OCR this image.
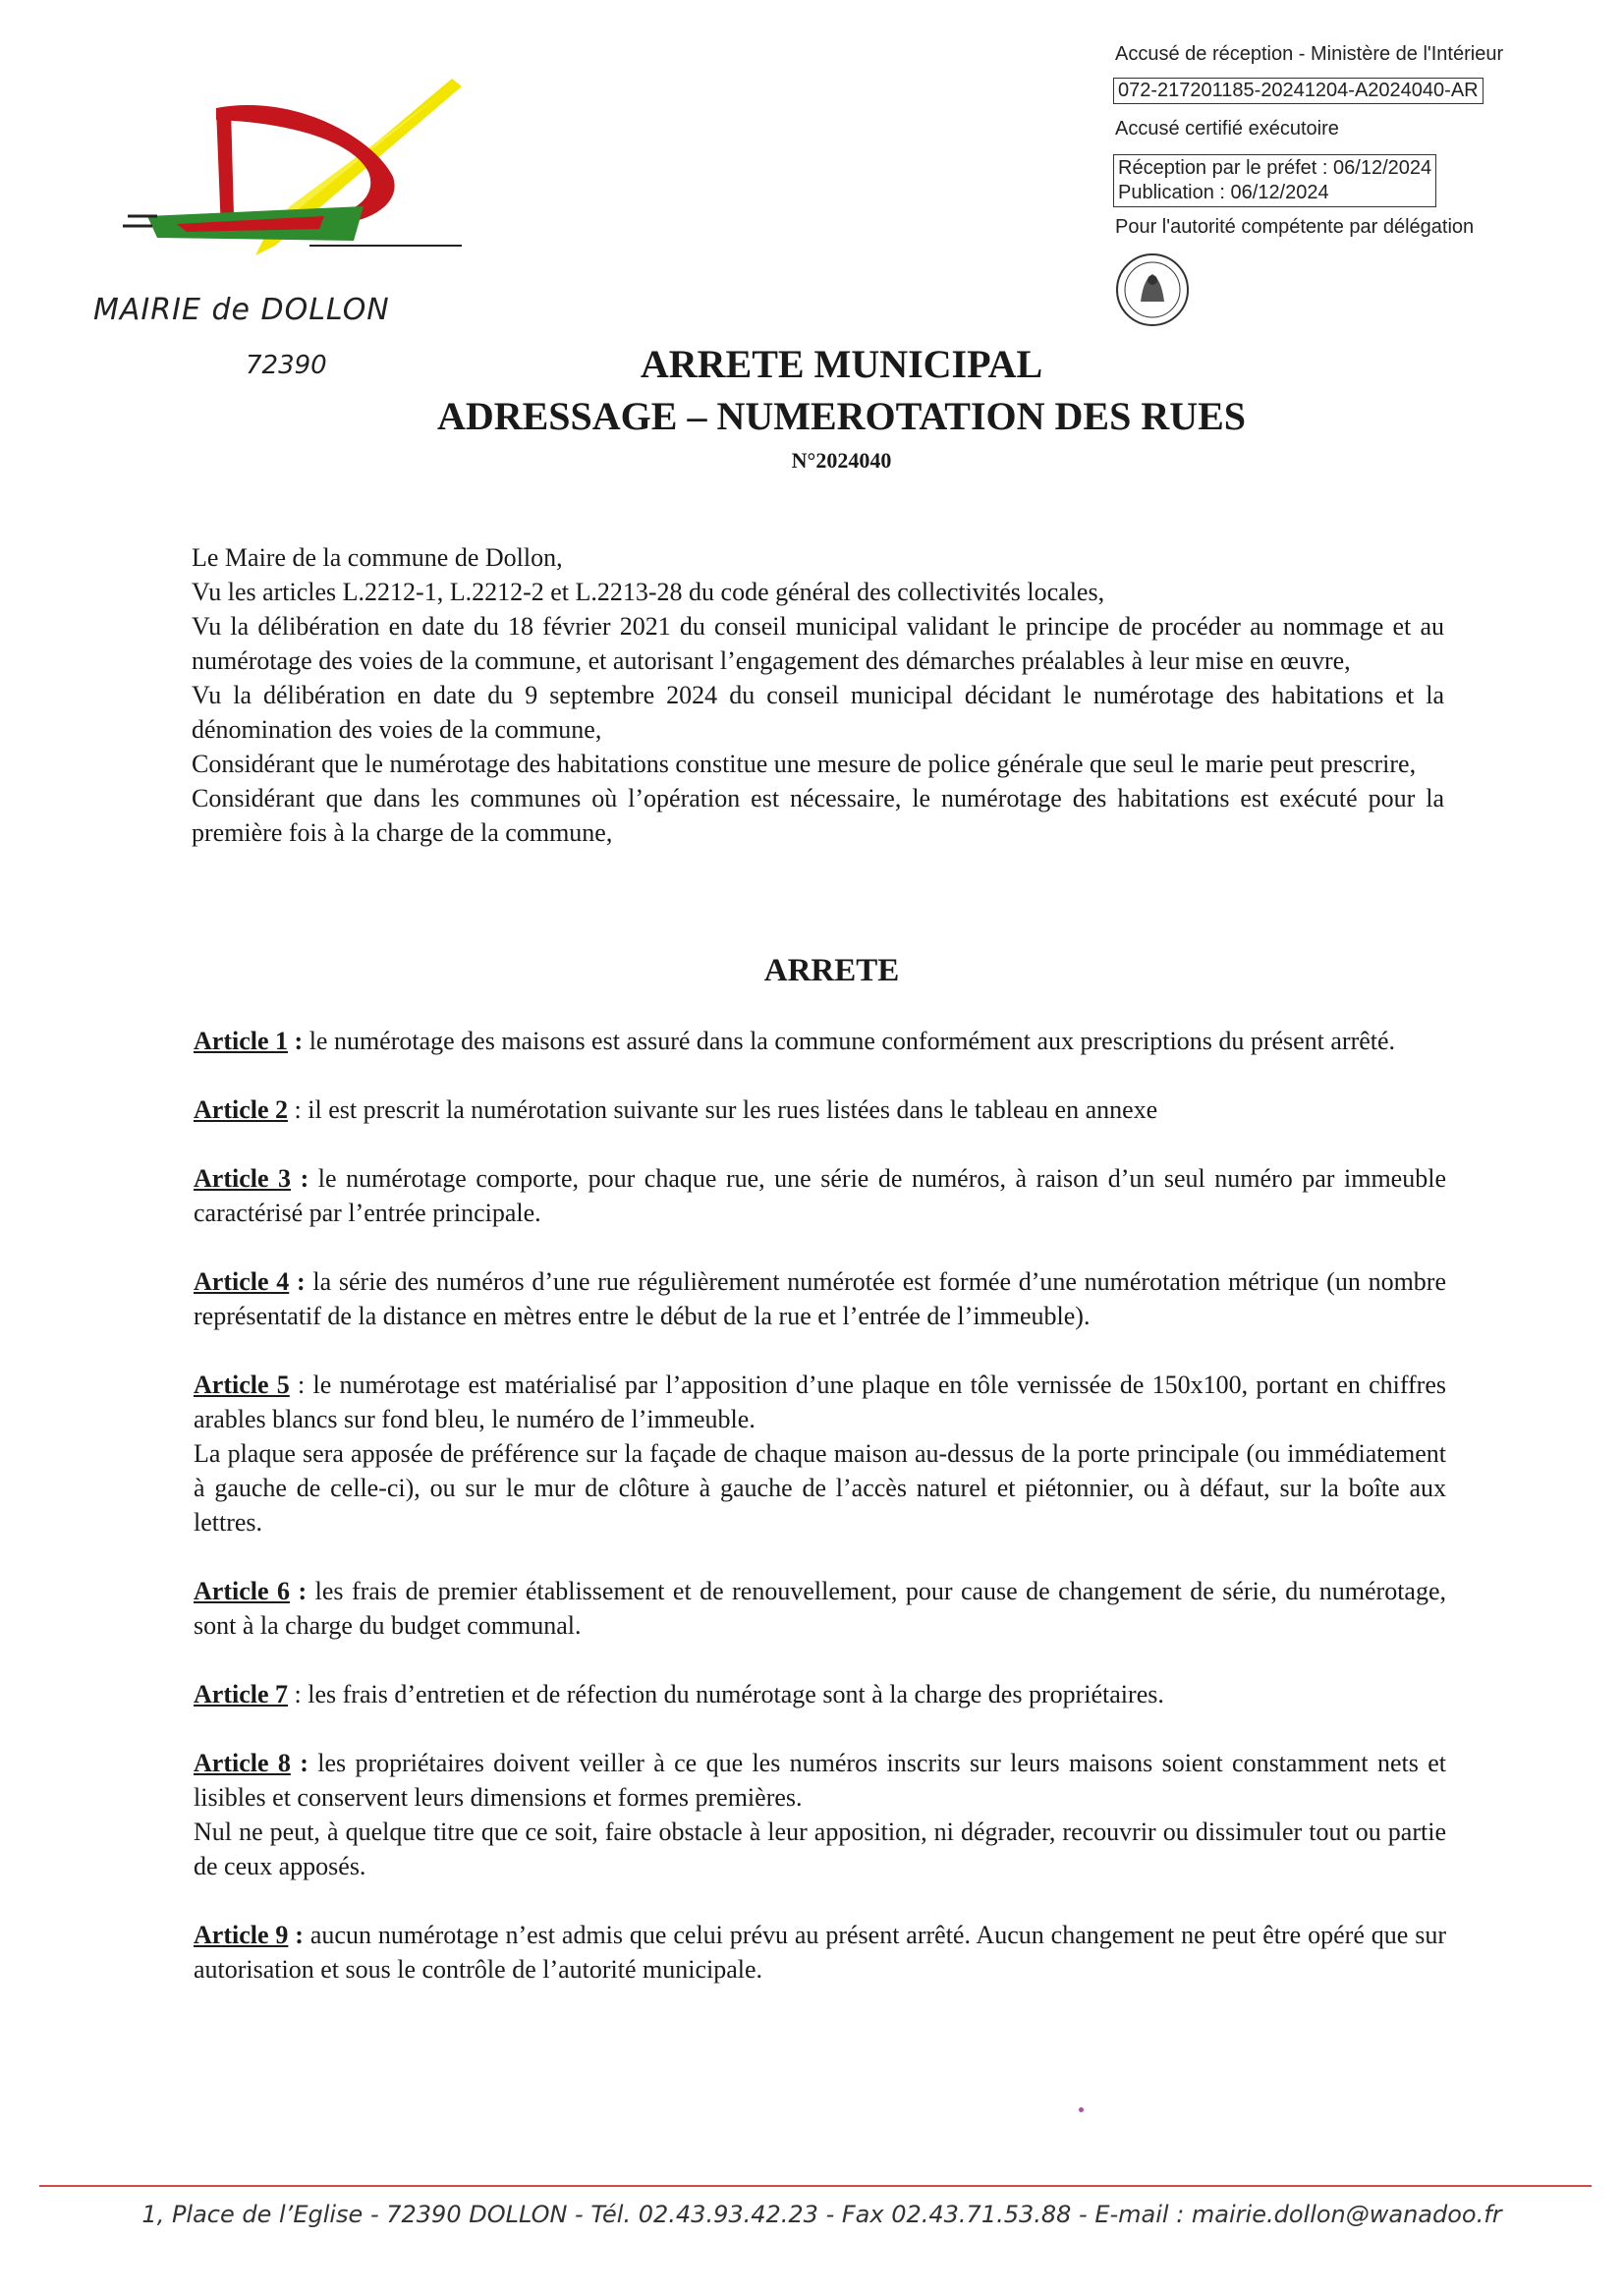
MAIRIE de DOLLON
72390
Accusé de réception - Ministère de l'Intérieur
072-217201185-20241204-A2024040-AR
Accusé certifié exécutoire
Réception par le préfet : 06/12/2024
Publication : 06/12/2024
Pour l'autorité compétente par délégation
ARRETE MUNICIPAL
ADRESSAGE – NUMEROTATION DES RUES
N°2024040

Le Maire de la commune de Dollon,

Vu les articles L.2212-1, L.2212-2 et L.2213-28 du code général des collectivités locales,

Vu la délibération en date du 18 février 2021 du conseil municipal validant le principe de procéder au nommage et au numérotage des voies de la commune, et autorisant l’engagement des démarches préalables à leur mise en œuvre,

Vu la délibération en date du 9 septembre 2024 du conseil municipal décidant le numérotage des habitations et la dénomination des voies de la commune,

Considérant que le numérotage des habitations constitue une mesure de police générale que seul le marie peut prescrire,

Considérant que dans les communes où l’opération est nécessaire, le numérotage des habitations est exécuté pour la première fois à la charge de la commune,

ARRETE

Article 1 : le numérotage des maisons est assuré dans la commune conformément aux prescriptions du présent arrêté.

Article 2 : il est prescrit la numérotation suivante sur les rues listées dans le tableau en annexe

Article 3 : le numérotage comporte, pour chaque rue, une série de numéros, à raison d’un seul numéro par immeuble caractérisé par l’entrée principale.

Article 4 : la série des numéros d’une rue régulièrement numérotée est formée d’une numérotation métrique (un nombre représentatif de la distance en mètres entre le début de la rue et l’entrée de l’immeuble).

Article 5 : le numérotage est matérialisé par l’apposition d’une plaque en tôle vernissée de 150x100, portant en chiffres arables blancs sur fond bleu, le numéro de l’immeuble.

La plaque sera apposée de préférence sur la façade de chaque maison au-dessus de la porte principale (ou immédiatement à gauche de celle-ci), ou sur le mur de clôture à gauche de l’accès naturel et piétonnier, ou à défaut, sur la boîte aux lettres.

Article 6 : les frais de premier établissement et de renouvellement, pour cause de changement de série, du numérotage, sont à la charge du budget communal.

Article 7 : les frais d’entretien et de réfection du numérotage sont à la charge des propriétaires.

Article 8 : les propriétaires doivent veiller à ce que les numéros inscrits sur leurs maisons soient constamment nets et lisibles et conservent leurs dimensions et formes premières.

Nul ne peut, à quelque titre que ce soit, faire obstacle à leur apposition, ni dégrader, recouvrir ou dissimuler tout ou partie de ceux apposés.

Article 9 : aucun numérotage n’est admis que celui prévu au présent arrêté. Aucun changement ne peut être opéré que sur autorisation et sous le contrôle de l’autorité municipale.

1, Place de l’Eglise - 72390 DOLLON - Tél. 02.43.93.42.23 - Fax 02.43.71.53.88 - E-mail : mairie.dollon@wanadoo.fr
